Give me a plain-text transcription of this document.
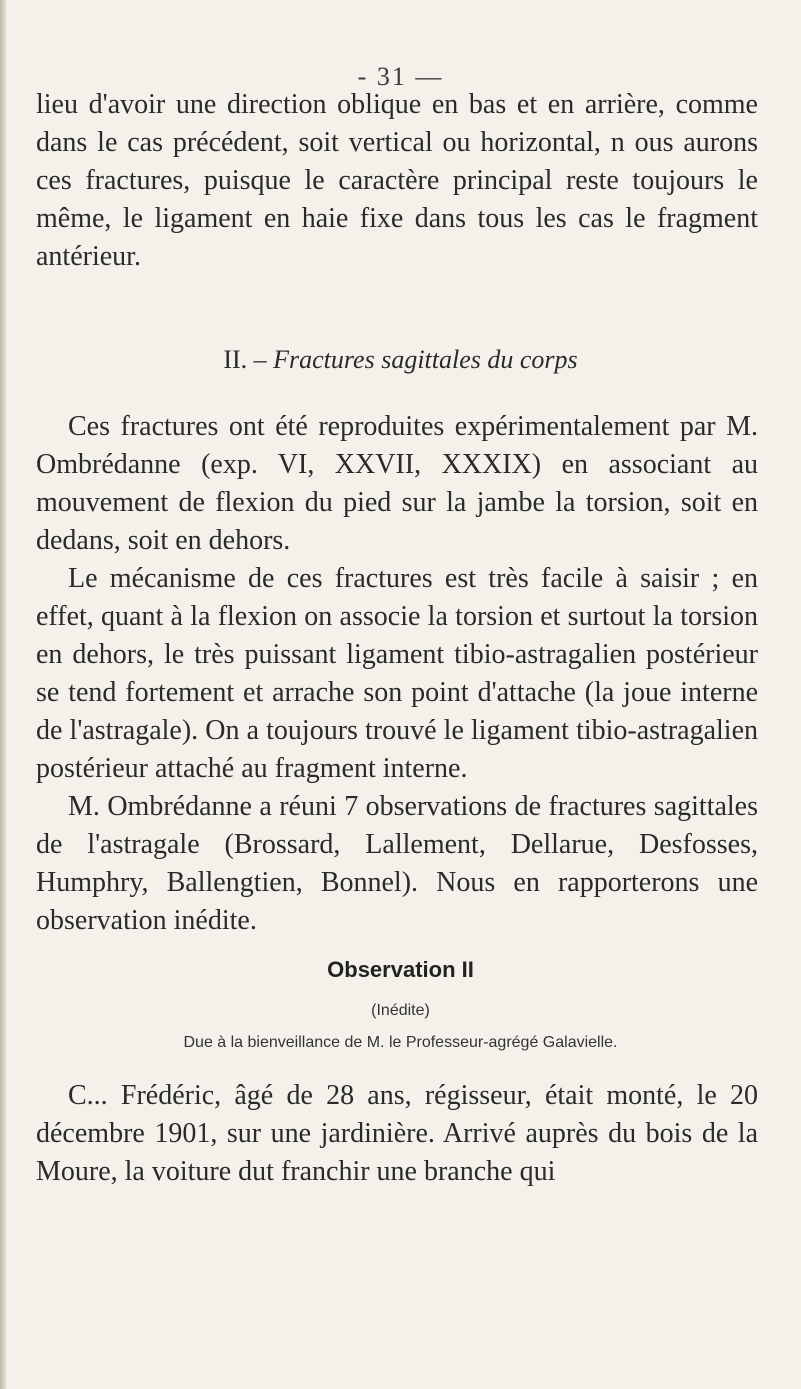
- 31 —

lieu d'avoir une direction oblique en bas et en arrière, comme dans le cas précédent, soit vertical ou horizontal, n ous aurons ces fractures, puisque le caractère principal reste toujours le même, le ligament en haie fixe dans tous les cas le fragment antérieur.

II. – Fractures sagittales du corps

Ces fractures ont été reproduites expérimentalement par M. Ombrédanne (exp. VI, XXVII, XXXIX) en associant au mouvement de flexion du pied sur la jambe la torsion, soit en dedans, soit en dehors.

Le mécanisme de ces fractures est très facile à saisir ; en effet, quant à la flexion on associe la torsion et surtout la torsion en dehors, le très puissant ligament tibio-astragalien postérieur se tend fortement et arrache son point d'attache (la joue interne de l'astragale). On a toujours trouvé le ligament tibio-astragalien postérieur attaché au fragment interne.

M. Ombrédanne a réuni 7 observations de fractures sagittales de l'astragale (Brossard, Lallement, Dellarue, Desfosses, Humphry, Ballengtien, Bonnel). Nous en rapporterons une observation inédite.

Observation II

(Inédite)

Due à la bienveillance de M. le Professeur-agrégé Galavielle.

C... Frédéric, âgé de 28 ans, régisseur, était monté, le 20 décembre 1901, sur une jardinière. Arrivé auprès du bois de la Moure, la voiture dut franchir une branche qui
